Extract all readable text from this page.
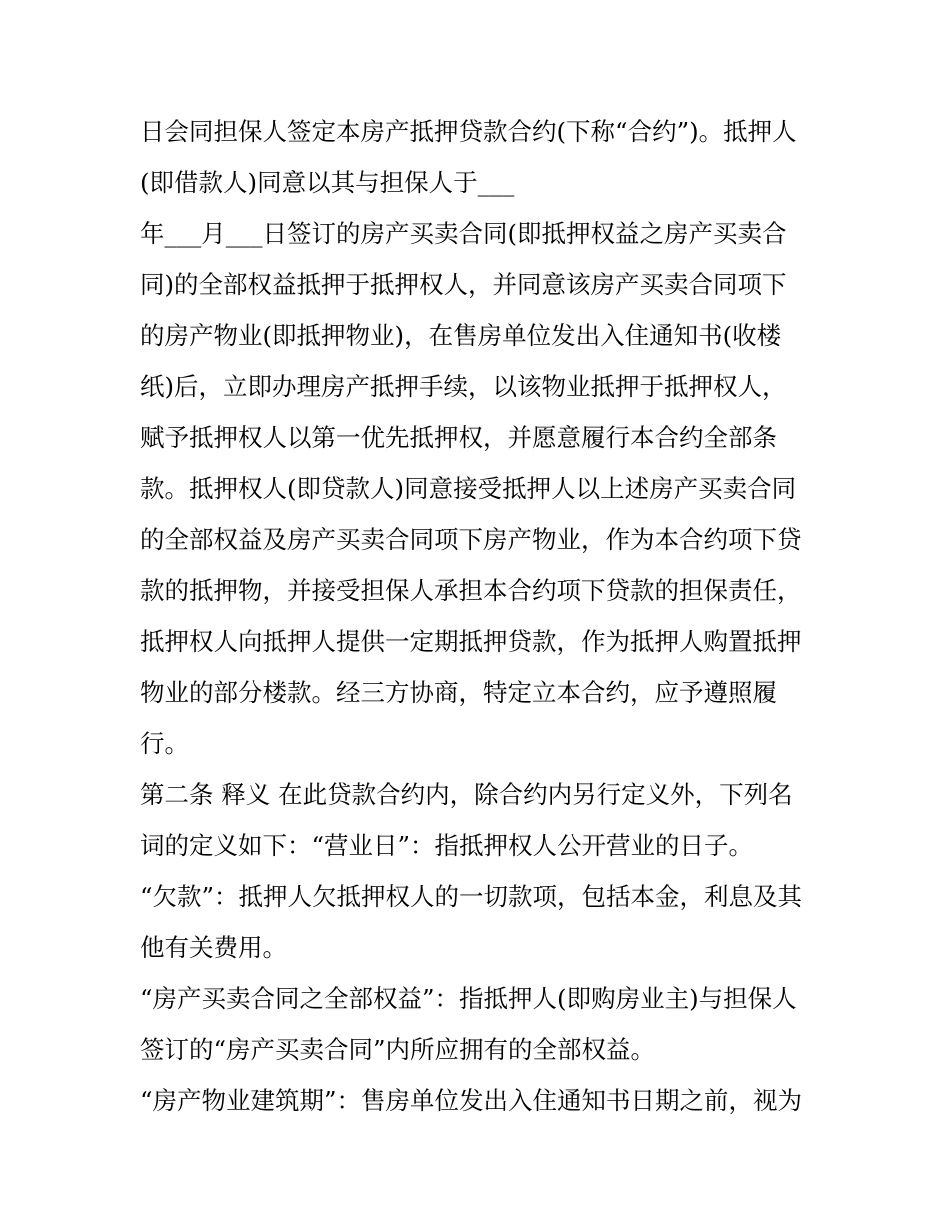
日会同担保人签定本房产抵押贷款合约(下称“合约”)。抵押人
(即借款人)同意以其与担保人于___
年___月___日签订的房产买卖合同(即抵押权益之房产买卖合
同)的全部权益抵押于抵押权人，并同意该房产买卖合同项下
的房产物业(即抵押物业)，在售房单位发出入住通知书(收楼
纸)后，立即办理房产抵押手续，以该物业抵押于抵押权人，
赋予抵押权人以第一优先抵押权，并愿意履行本合约全部条
款。抵押权人(即贷款人)同意接受抵押人以上述房产买卖合同
的全部权益及房产买卖合同项下房产物业，作为本合约项下贷
款的抵押物，并接受担保人承担本合约项下贷款的担保责任，
抵押权人向抵押人提供一定期抵押贷款，作为抵押人购置抵押
物业的部分楼款。经三方协商，特定立本合约，应予遵照履
行。
第二条 释义 在此贷款合约内，除合约内另行定义外，下列名
词的定义如下：“营业日”：指抵押权人公开营业的日子。
“欠款”：抵押人欠抵押权人的一切款项，包括本金，利息及其
他有关费用。
“房产买卖合同之全部权益”：指抵押人(即购房业主)与担保人
签订的“房产买卖合同”内所应拥有的全部权益。
“房产物业建筑期”：售房单位发出入住通知书日期之前，视为
